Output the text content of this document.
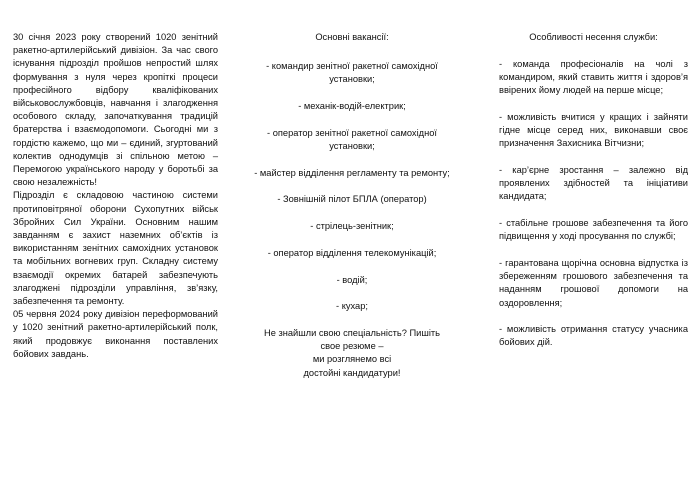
30 січня 2023 року створений 1020 зенітний ракетно-артилерійський дивізіон. За час свого існування підрозділ пройшов непростий шлях формування з нуля через кропіткі процеси професійного відбору кваліфікованих військовослужбовців, навчання і злагодження особового складу, започаткування традицій братерства і взаємодопомоги. Сьогодні ми з гордістю кажемо, що ми – єдиний, згуртований колектив однодумців зі спільною метою – Перемогою українського народу у боротьбі за свою незалежність!

Підрозділ є складовою частиною системи протиповітряної оборони Сухопутних військ Збройних Сил України. Основним нашим завданням є захист наземних об’єктів із використанням зенітних самохідних установок та мобільних вогневих груп. Складну систему взаємодії окремих батарей забезпечують злагоджені підрозділи управління, зв’язку, забезпечення та ремонту.

05 червня 2024 року дивізіон переформований у 1020 зенітний ракетно-артилерійський полк, який продовжує виконання поставлених бойових завдань.

Основні вакансії:

- командир зенітної ракетної самохідної установки;

- механік-водій-електрик;

- оператор зенітної ракетної самохідної установки;

- майстер відділення регламенту та ремонту;

- Зовнішній пілот БПЛА (оператор)

- стрілець-зенітник;

- оператор відділення телекомунікацій;

- водій;

- кухар;

Не знайшли свою спеціальність? Пишіть
свое резюме –
ми розглянемо всі
достойні кандидатури!

Особливості несення служби:

- команда професіоналів на чолі з командиром, який ставить життя і здоров’я ввірених йому людей на перше місце;

- можливість вчитися у кращих і зайняти гідне місце серед них, виконавши своє призначення Захисника Вітчизни;

- кар’єрне зростання – залежно від проявлених здібностей та ініціативи кандидата;

- стабільне грошове забезпечення та його підвищення у ході просування по службі;

- гарантована щорічна основна відпустка із збереженням грошового забезпечення та наданням грошової допомоги на оздоровлення;

- можливість отримання статусу учасника бойових дій.
